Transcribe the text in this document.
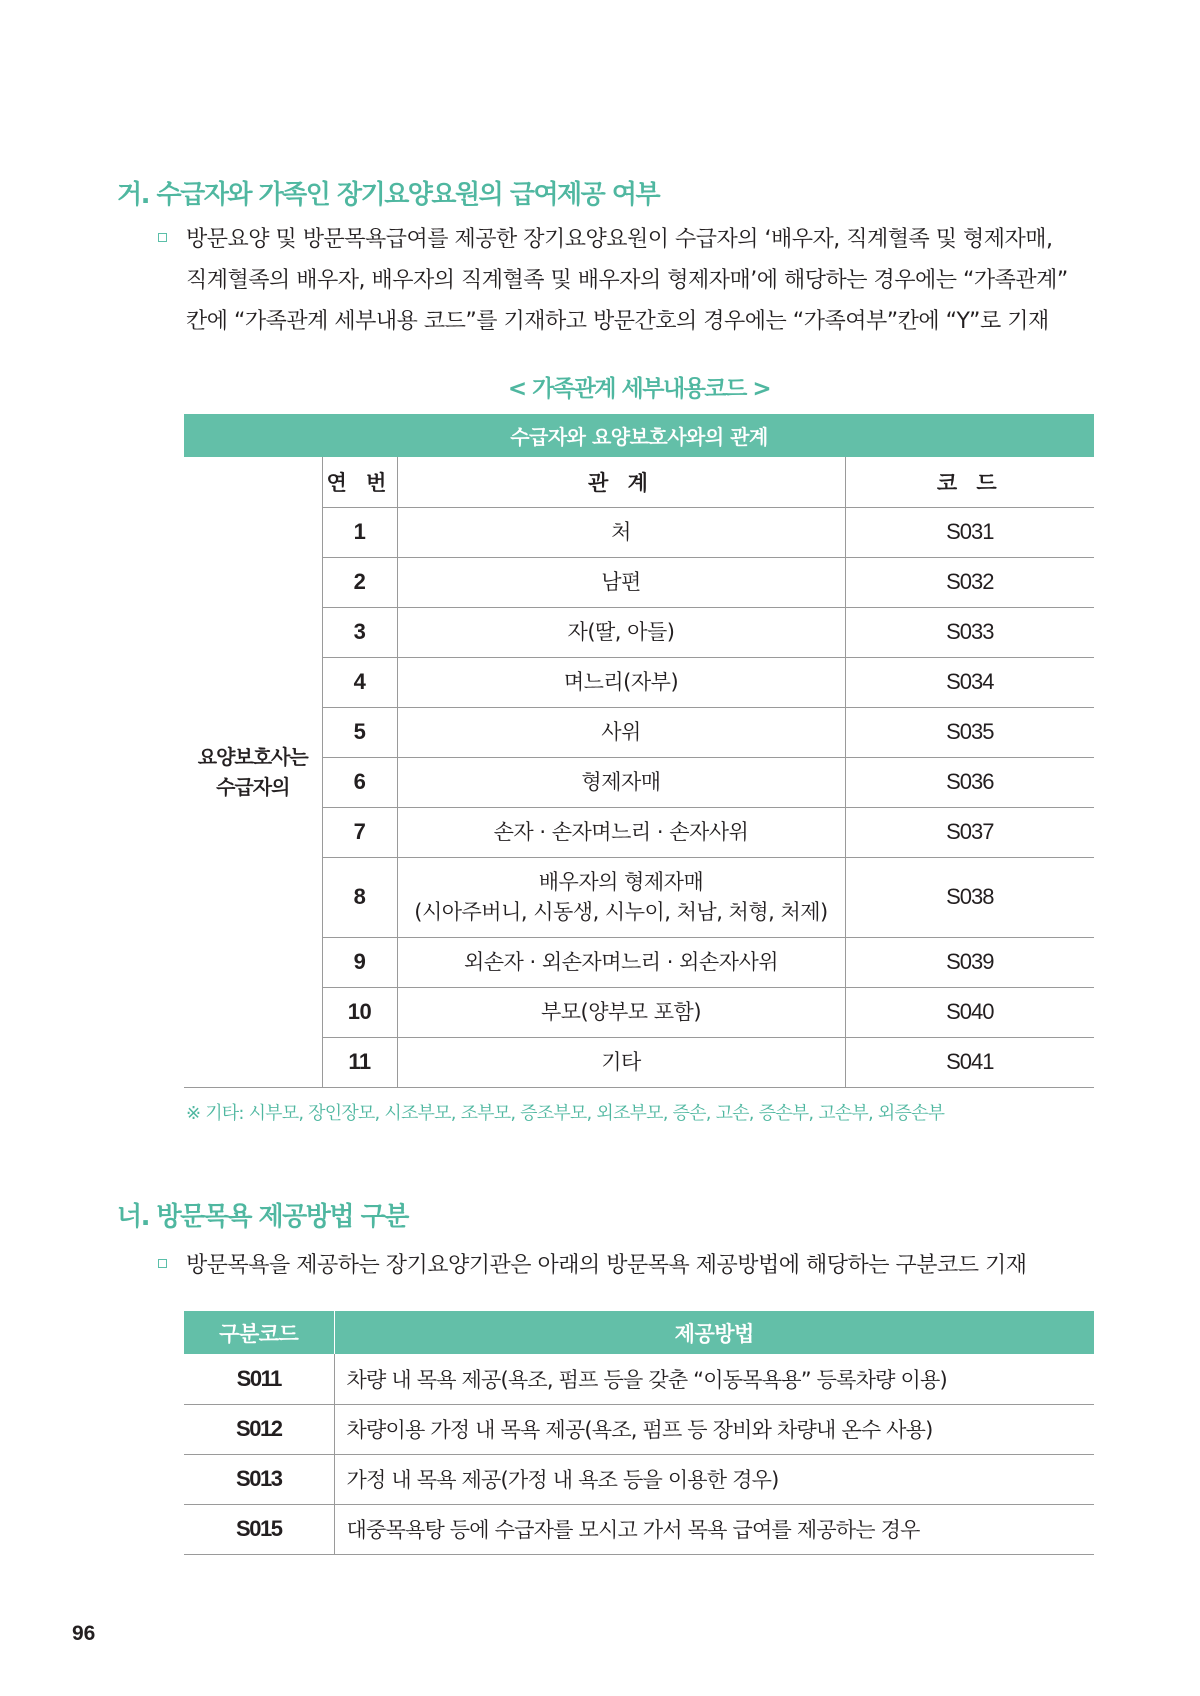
거. 수급자와 가족인 장기요양요원의 급여제공 여부
방문요양 및 방문목욕급여를 제공한 장기요양요원이 수급자의 ‘배우자, 직계혈족 및 형제자매,
직계혈족의 배우자, 배우자의 직계혈족 및 배우자의 형제자매’에 해당하는 경우에는 “가족관계”
칸에 “가족관계 세부내용 코드”를 기재하고 방문간호의 경우에는 “가족여부”칸에 “Y”로 기재
< 가족관계 세부내용코드 >
수급자와 요양보호사와의 관계			

요양보호사는
수급자의	연 번	관 계	코 드
	1	처	S031
	2	남편	S032
	3	자(딸, 아들)	S033
	4	며느리(자부)	S034
	5	사위	S035
	6	형제자매	S036
	7	손자 · 손자며느리 · 손자사위	S037
	8	배우자의 형제자매
(시아주버니, 시동생, 시누이, 처남, 처형, 처제)	S038
	9	외손자 · 외손자며느리 · 외손자사위	S039
	10	부모(양부모 포함)	S040
	11	기타	S041
※ 기타: 시부모, 장인장모, 시조부모, 조부모, 증조부모, 외조부모, 증손, 고손, 증손부, 고손부, 외증손부
너. 방문목욕 제공방법 구분
방문목욕을 제공하는 장기요양기관은 아래의 방문목욕 제공방법에 해당하는 구분코드 기재
구분코드	제공방법
S011	차량 내 목욕 제공(욕조, 펌프 등을 갖춘 “이동목욕용” 등록차량 이용)
S012	차량이용 가정 내 목욕 제공(욕조, 펌프 등 장비와 차량내 온수 사용)
S013	가정 내 목욕 제공(가정 내 욕조 등을 이용한 경우)
S015	대중목욕탕 등에 수급자를 모시고 가서 목욕 급여를 제공하는 경우
96
